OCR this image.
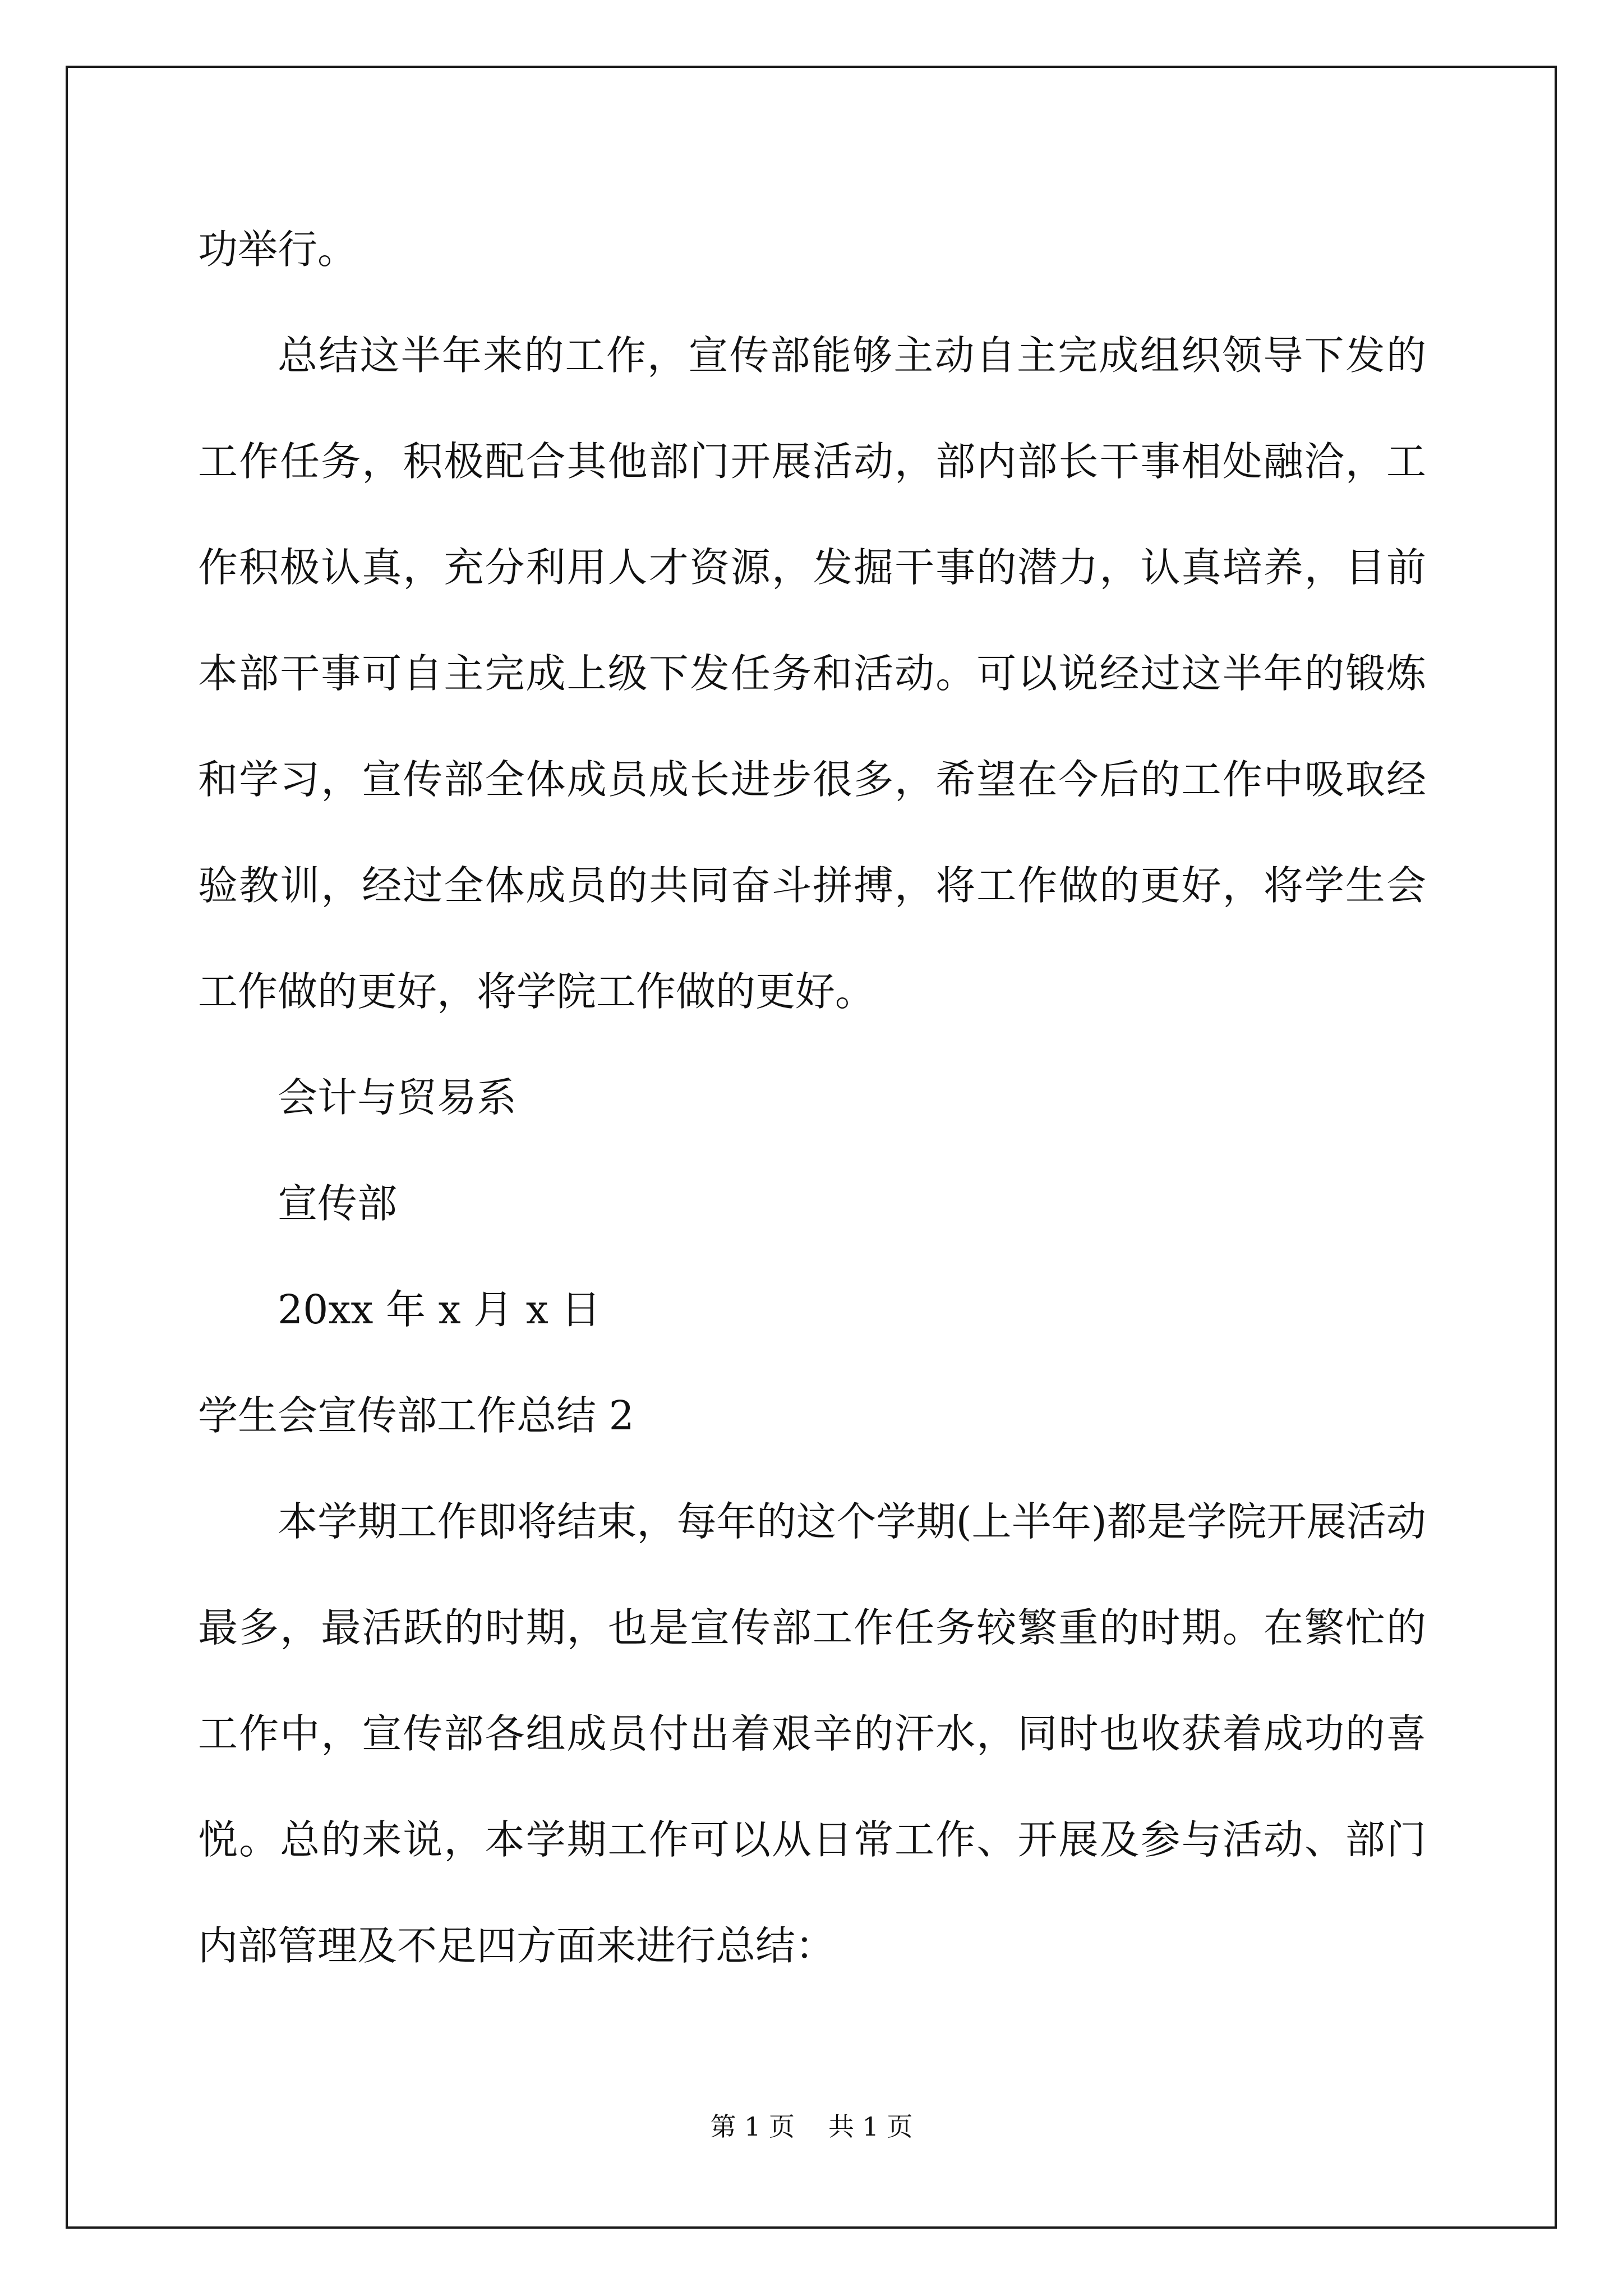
功举行。

总结这半年来的工作，宣传部能够主动自主完成组织领导下发的工作任务，积极配合其他部门开展活动，部内部长干事相处融洽，工作积极认真，充分利用人才资源，发掘干事的潜力，认真培养，目前本部干事可自主完成上级下发任务和活动。可以说经过这半年的锻炼和学习，宣传部全体成员成长进步很多，希望在今后的工作中吸取经验教训，经过全体成员的共同奋斗拼搏，将工作做的更好，将学生会工作做的更好，将学院工作做的更好。

会计与贸易系

宣传部

20xx 年 x 月 x 日

学生会宣传部工作总结 2

本学期工作即将结束，每年的这个学期(上半年)都是学院开展活动最多，最活跃的时期，也是宣传部工作任务较繁重的时期。在繁忙的工作中，宣传部各组成员付出着艰辛的汗水，同时也收获着成功的喜悦。总的来说，本学期工作可以从日常工作、开展及参与活动、部门内部管理及不足四方面来进行总结：

第 1 页 共 1 页
